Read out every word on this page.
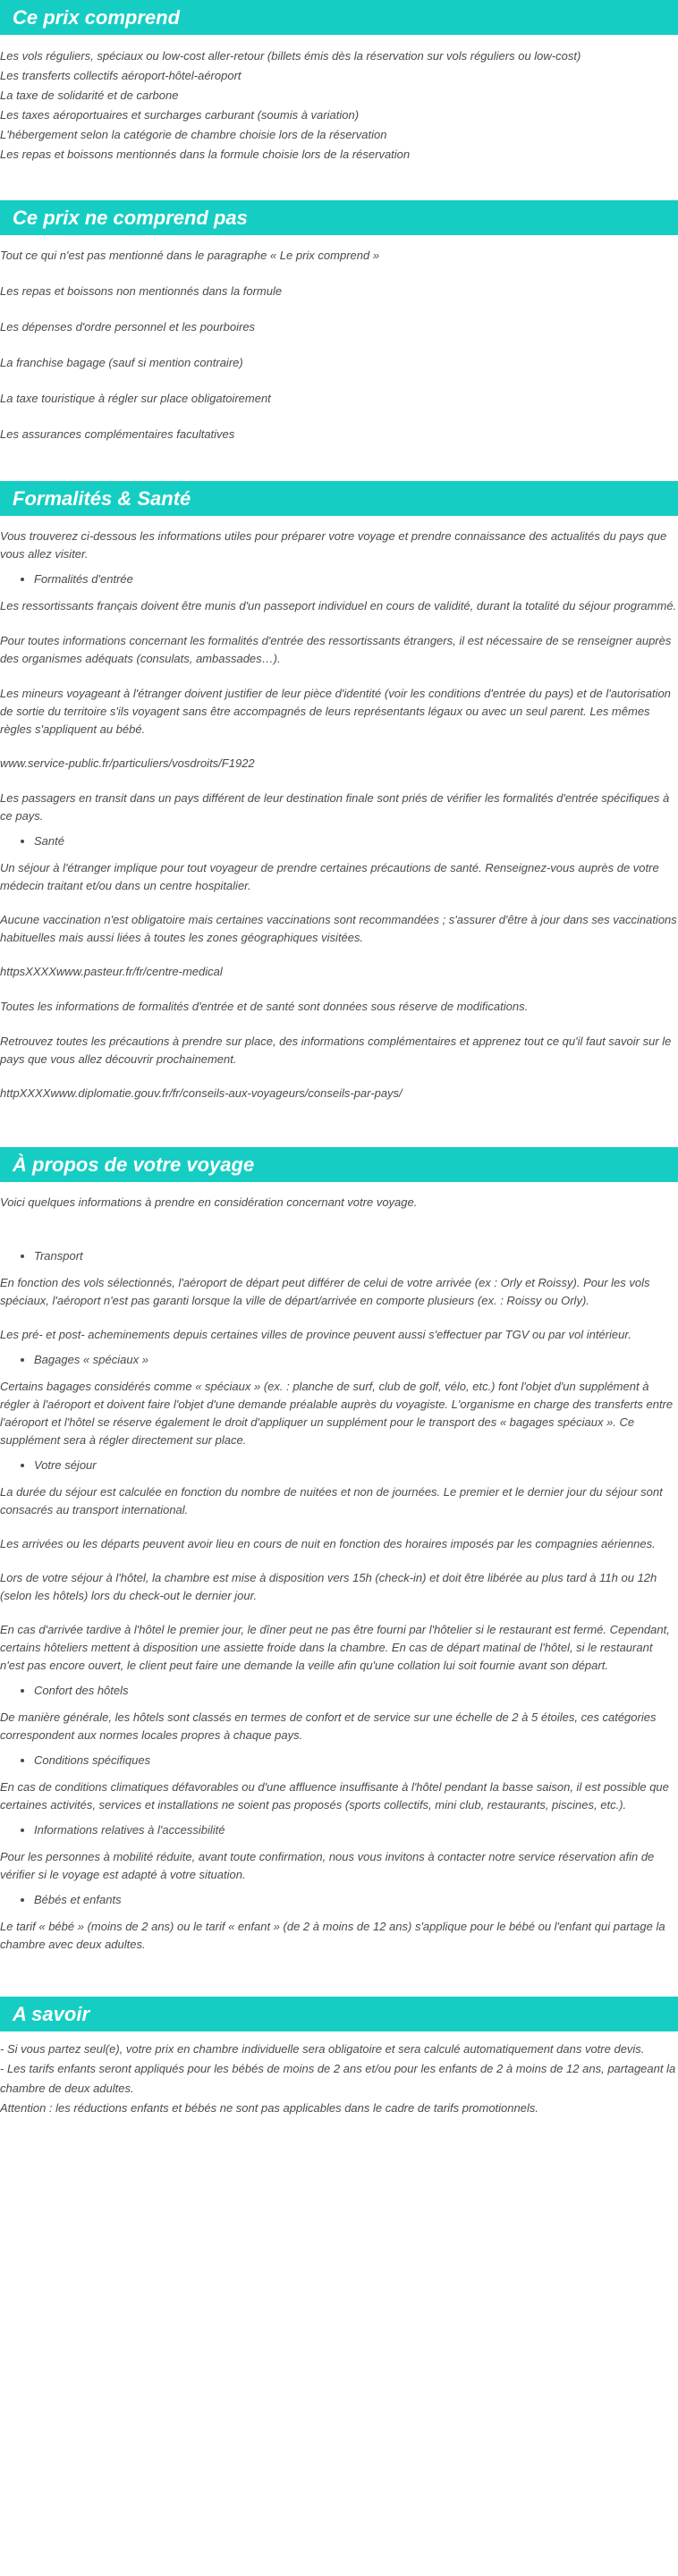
Ce prix comprend

Les vols réguliers, spéciaux ou low-cost aller-retour (billets émis dès la réservation sur vols réguliers ou low-cost)

Les transferts collectifs aéroport-hôtel-aéroport

La taxe de solidarité et de carbone

Les taxes aéroportuaires et surcharges carburant (soumis à variation)

L'hébergement selon la catégorie de chambre choisie lors de la réservation

Les repas et boissons mentionnés dans la formule choisie lors de la réservation

Ce prix ne comprend pas

Tout ce qui n'est pas mentionné dans le paragraphe « Le prix comprend »

Les repas et boissons non mentionnés dans la formule

Les dépenses d'ordre personnel et les pourboires

La franchise bagage (sauf si mention contraire)

La taxe touristique à régler sur place obligatoirement

Les assurances complémentaires facultatives

Formalités & Santé

Vous trouverez ci-dessous les informations utiles pour préparer votre voyage et prendre connaissance des actualités du pays que vous allez visiter.

• Formalités d'entrée

Les ressortissants français doivent être munis d'un passeport individuel en cours de validité, durant la totalité du séjour programmé.

Pour toutes informations concernant les formalités d'entrée des ressortissants étrangers, il est nécessaire de se renseigner auprès des organismes adéquats (consulats, ambassades…).

Les mineurs voyageant à l'étranger doivent justifier de leur pièce d'identité (voir les conditions d'entrée du pays) et de l'autorisation de sortie du territoire s'ils voyagent sans être accompagnés de leurs représentants légaux ou avec un seul parent. Les mêmes règles s'appliquent au bébé.

www.service-public.fr/particuliers/vosdroits/F1922

Les passagers en transit dans un pays différent de leur destination finale sont priés de vérifier les formalités d'entrée spécifiques à ce pays.

• Santé

Un séjour à l'étranger implique pour tout voyageur de prendre certaines précautions de santé. Renseignez-vous auprès de votre médecin traitant et/ou dans un centre hospitalier.

Aucune vaccination n'est obligatoire mais certaines vaccinations sont recommandées ; s'assurer d'être à jour dans ses vaccinations habituelles mais aussi liées à toutes les zones géographiques visitées.

httpsXXXXwww.pasteur.fr/fr/centre-medical

Toutes les informations de formalités d'entrée et de santé sont données sous réserve de modifications.

Retrouvez toutes les précautions à prendre sur place, des informations complémentaires et apprenez tout ce qu'il faut savoir sur le pays que vous allez découvrir prochainement.

httpXXXXwww.diplomatie.gouv.fr/fr/conseils-aux-voyageurs/conseils-par-pays/

À propos de votre voyage

Voici quelques informations à prendre en considération concernant votre voyage.

• Transport

En fonction des vols sélectionnés, l'aéroport de départ peut différer de celui de votre arrivée (ex : Orly et Roissy). Pour les vols spéciaux, l'aéroport n'est pas garanti lorsque la ville de départ/arrivée en comporte plusieurs (ex. : Roissy ou Orly).

Les pré- et post- acheminements depuis certaines villes de province peuvent aussi s'effectuer par TGV ou par vol intérieur.

• Bagages « spéciaux »

Certains bagages considérés comme « spéciaux » (ex. : planche de surf, club de golf, vélo, etc.) font l'objet d'un supplément à régler à l'aéroport et doivent faire l'objet d'une demande préalable auprès du voyagiste. L'organisme en charge des transferts entre l'aéroport et l'hôtel se réserve également le droit d'appliquer un supplément pour le transport des « bagages spéciaux ». Ce supplément sera à régler directement sur place.

• Votre séjour

La durée du séjour est calculée en fonction du nombre de nuitées et non de journées. Le premier et le dernier jour du séjour sont consacrés au transport international.

Les arrivées ou les départs peuvent avoir lieu en cours de nuit en fonction des horaires imposés par les compagnies aériennes.

Lors de votre séjour à l'hôtel, la chambre est mise à disposition vers 15h (check-in) et doit être libérée au plus tard à 11h ou 12h (selon les hôtels) lors du check-out le dernier jour.

En cas d'arrivée tardive à l'hôtel le premier jour, le dîner peut ne pas être fourni par l'hôtelier si le restaurant est fermé. Cependant, certains hôteliers mettent à disposition une assiette froide dans la chambre. En cas de départ matinal de l'hôtel, si le restaurant n'est pas encore ouvert, le client peut faire une demande la veille afin qu'une collation lui soit fournie avant son départ.

• Confort des hôtels

De manière générale, les hôtels sont classés en termes de confort et de service sur une échelle de 2 à 5 étoiles, ces catégories correspondent aux normes locales propres à chaque pays.

• Conditions spécifiques

En cas de conditions climatiques défavorables ou d'une affluence insuffisante à l'hôtel pendant la basse saison, il est possible que certaines activités, services et installations ne soient pas proposés (sports collectifs, mini club, restaurants, piscines, etc.).

• Informations relatives à l'accessibilité

Pour les personnes à mobilité réduite, avant toute confirmation, nous vous invitons à contacter notre service réservation afin de vérifier si le voyage est adapté à votre situation.

• Bébés et enfants

Le tarif « bébé » (moins de 2 ans) ou le tarif « enfant » (de 2 à moins de 12 ans) s'applique pour le bébé ou l'enfant qui partage la chambre avec deux adultes.

A savoir

- Si vous partez seul(e), votre prix en chambre individuelle sera obligatoire et sera calculé automatiquement dans votre devis.

- Les tarifs enfants seront appliqués pour les bébés de moins de 2 ans et/ou pour les enfants de 2 à moins de 12 ans, partageant la chambre de deux adultes.

Attention : les réductions enfants et bébés ne sont pas applicables dans le cadre de tarifs promotionnels.
